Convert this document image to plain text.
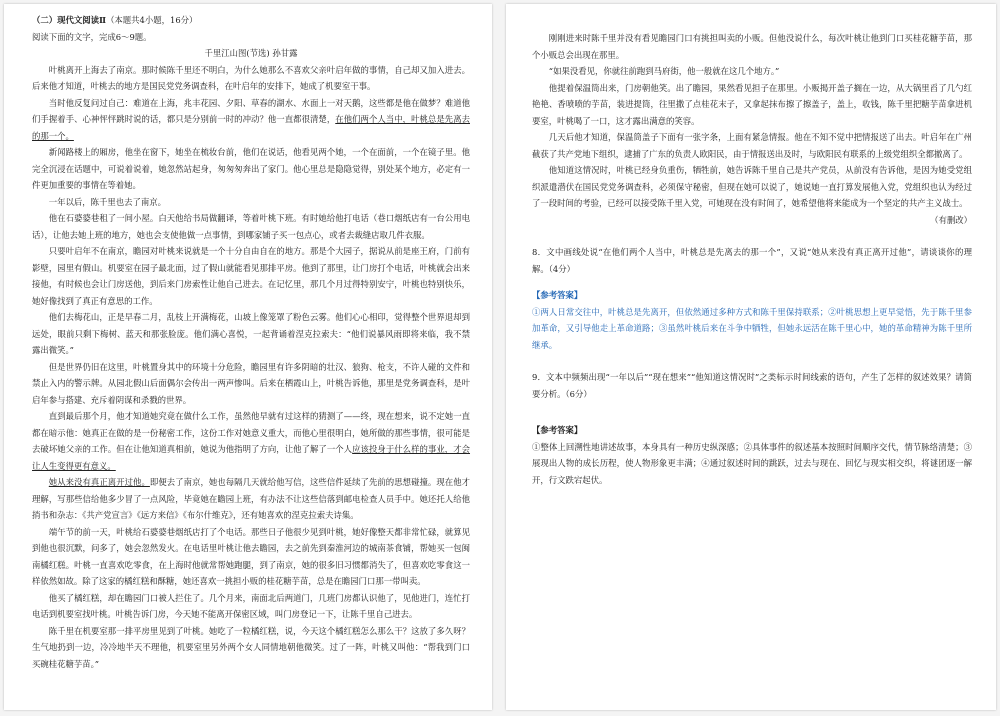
（二）现代文阅读Ⅱ（本题共4小题，16分）

阅读下面的文字，完成6～9题。

千里江山图(节选) 孙甘露

叶桃离开上海去了南京。那时候陈千里还不明白，为什么她那么不喜欢父亲叶启年做的事情，自己却又加入进去。后来他才知道，叶桃去的地方是国民党党务调查科，在叶启年的安排下，她成了机要室干事。

当时他反复问过自己：难道在上海，兆丰花园、夕阳、草春的湖水、水面上一对天鹅，这些都是他在做梦？难道他们手握着手、心神怦怦跳时说的话，都只是分别前一时的冲动？他一直都很清楚，在他们两个人当中，叶桃总是先离去的那一个。

新闻路楼上的厢房，他坐在窗下，她坐在梳妆台前，他们在说话，他看见两个她，一个在面前，一个在镜子里。他完全沉浸在话题中，可说着说着，她忽然站起身，匆匆匆奔出了家门。他心里总是隐隐觉得，别处某个地方，必定有一件更加重要的事情在等着她。

一年以后，陈千里也去了南京。

他在石婆婆巷租了一间小屋。白天他给书局做翻译，等着叶桃下班。有时她给他打电话（巷口烟纸店有一台公用电话），让他去她上班的地方，她也会支使他做一点事情，到哪家铺子买一包点心，或者去裁缝店取几件衣服。

只要叶启年不在南京，瞻园对叶桃来说就是一个十分自由自在的地方。那是个大园子，据说从前是座王府，门前有影壁，园里有假山。机要室在园子最北面，过了假山就能看见那排平房。他到了那里，让门房打个电话，叶桃就会出来接他，有时候也会让门房送他，到后来门房索性让他自己进去。在记忆里，那几个月过得特别安宁，叶桃也特别快乐，她好像找到了真正有意思的工作。

他们去梅花山，正是早春二月，乱枝上开满梅花，山坡上像笼罩了粉色云雾。他们心心相印，觉得整个世界退却到远处，眼前只剩下梅树、蓝天和那张脸庞。他们满心喜悦，一起背诵着涅克拉索夫：“他们说暴风雨即将来临，我不禁露出微笑。”

但是世界仍旧在这里，叶桃置身其中的环境十分危险，瞻园里有许多阴暗的壮汉、狼狗、枪支，不许人碰的文件和禁止入内的警示牌。从园北假山后面偶尔会传出一两声惨叫。后来在栖霞山上，叶桃告诉他，那里是党务调查科，是叶启年参与搭建、充斥着阴谋和杀戮的世界。

直到最后那个月，他才知道她究竟在做什么工作，虽然他早就有过这样的猜测了——终，现在想来，说不定她一直都在暗示他：她真正在做的是一份秘密工作，这份工作对她意义重大，而他心里很明白，她所做的那些事情，很可能是去破坏她父亲的工作。但在让他知道真相前，她说为他指明了方向，让他了解了一个人应该投身于什么样的事业，才会让人生变得更有意义。

她从来没有真正离开过他。即便去了南京，她也每隔几天就给他写信，这些信件延续了先前的思想碰撞。现在他才理解，写那些信给他多少冒了一点风险，毕竟她在瞻园上班，有办法不让这些信落到邮电检查人员手中。她还托人给他捎书和杂志：《共产党宣言》《远方来信》《布尔什维克》，还有她喜欢的涅克拉索夫诗集。

端午节的前一天，叶桃给石婆婆巷烟纸店打了个电话。那些日子他很少见到叶桃，她好像整天都非常忙碌，就算见到他也很沉默，问多了，她会忽然发火。在电话里叶桃让他去瞻园，去之前先到秦淮河边的城南茶食铺，帮她买一包闽南橘红糕。叶桃一直喜欢吃零食，在上海时他就常帮她跑腿，到了南京，她的很多旧习惯都消失了，但喜欢吃零食这一样依然如故。除了这家的橘红糕和酥糖，她还喜欢一挑担小贩的桂花糖芋苗，总是在瞻园门口那一带叫卖。

他买了橘红糕，却在瞻园门口被人拦住了。几个月来，南面北后两道门，几班门房都认识他了，见他进门，连忙打电话到机要室找叶桃。叶桃告诉门房，今天她不能离开保密区域，叫门房登记一下，让陈千里自己进去。

陈千里在机要室那一排平房里见到了叶桃。她吃了一粒橘红糕，说，今天这个橘红糕怎么那么干？这放了多久呀？生气地扔到一边，冷冷地半天不理他，机要室里另外两个女人同情地朝他微笑。过了一阵，叶桃又叫他：“帮我到门口买碗桂花糖芋苗。”

刚刚进来时陈千里并没有看见瞻园门口有挑担叫卖的小贩。但他没说什么，每次叶桃让他到门口买桂花糖芋苗，那个小贩总会出现在那里。

“如果没看见，你就往前跑到马府街，他一般就在这几个地方。”

他提着保温筒出来，门房朝他笑。出了瞻园，果然看见担子在那里。小贩揭开盖子搁在一边，从大锅里舀了几勺红艳艳、香喷喷的芋苗，装进提筒，往里撒了点桂花末子，又拿起抹布擦了擦盖子，盖上，收钱，陈千里把糖芋苗拿进机要室，叶桃喝了一口，这才露出满意的笑容。

几天后他才知道，保温筒盖子下面有一张字条，上面有紧急情报。他在不知不觉中把情报送了出去。叶启年在广州截获了共产党地下组织，逮捕了广东的负责人欧阳民，由于情报送出及时，与欧阳民有联系的上级党组织全都撤离了。

他知道这情况时，叶桃已经身负重伤，牺牲前，她告诉陈千里自己是共产党员，从前没有告诉他，是因为她受党组织派遣潜伏在国民党党务调查科，必须保守秘密，但现在她可以说了，她说她一直打算发展他入党，党组织也认为经过了一段时间的考验，已经可以接受陈千里入党，可她现在没有时间了，她希望他将来能成为一个坚定的共产主义战士。

（有删改）

8．文中画线处说“在他们两个人当中，叶桃总是先离去的那一个”，又说“她从来没有真正离开过他”，请谈谈你的理解。（4分）

【参考答案】

①两人日常交往中，叶桃总是先离开，但依然通过多种方式和陈千里保持联系；②叶桃思想上更早觉悟，先于陈千里参加革命，又引导他走上革命道路；③虽然叶桃后来在斗争中牺牲，但她永远活在陈千里心中，她的革命精神为陈千里所继承。

9．文本中频频出现“一年以后”“现在想来”“他知道这情况时”之类标示时间线索的语句，产生了怎样的叙述效果？请简要分析。（6分）

【参考答案】

①整体上回溯性地讲述故事，本身具有一种历史纵深感；②具体事件的叙述基本按照时间顺序交代，情节脉络清楚；③展现出人物的成长历程，使人物形象更丰满；④通过叙述时间的跳跃，过去与现在、回忆与现实相交织，将谜团逐一解开，行文跌宕起伏。
